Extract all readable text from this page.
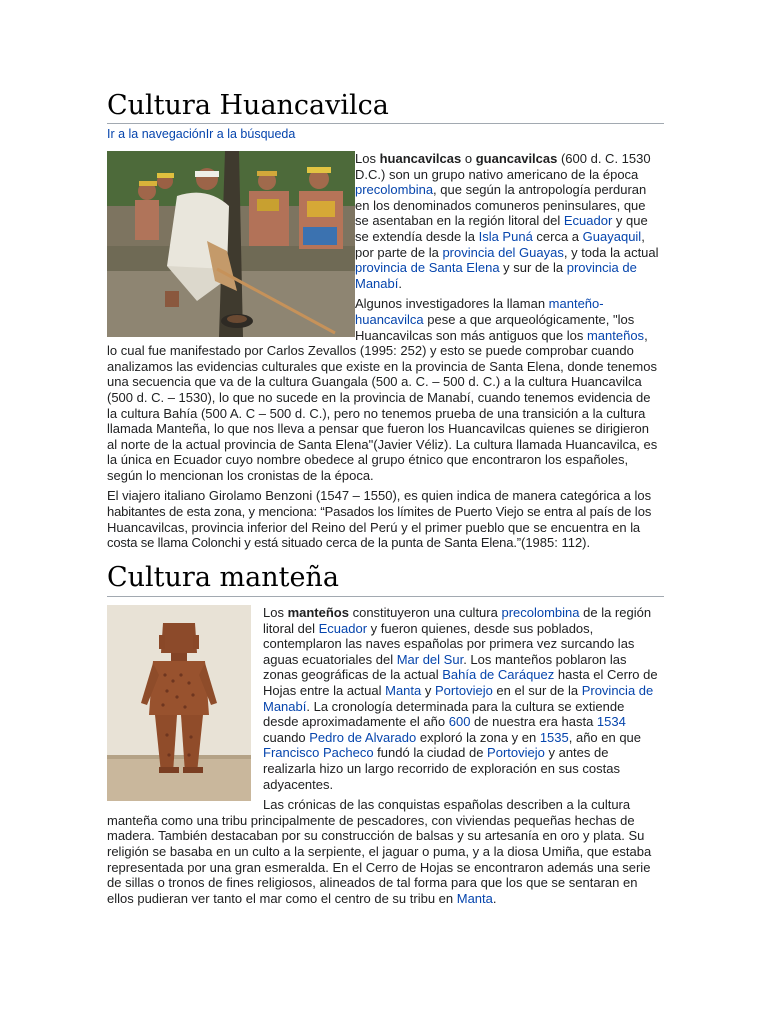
Cultura Huancavilca
Ir a la navegaciónIr a la búsqueda

Los huancavilcas o guancavilcas (600 d. C. 1530 D.C.) son un grupo nativo americano de la época precolombina, que según la antropología perduran en los denominados comuneros peninsulares, que se asentaban en la región litoral del Ecuador y que se extendía desde la Isla Puná cerca a Guayaquil, por parte de la provincia del Guayas, y toda la actual provincia de Santa Elena y sur de la provincia de Manabí.

Algunos investigadores la llaman manteño-huancavilca pese a que arqueológicamente, "los Huancavilcas son más antiguos que los manteños, lo cual fue manifestado por Carlos Zevallos (1995: 252) y esto se puede comprobar cuando analizamos las evidencias culturales que existe en la provincia de Santa Elena, donde tenemos una secuencia que va de la cultura Guangala (500 a. C. – 500 d. C.) a la cultura Huancavilca (500 d. C. – 1530), lo que no sucede en la provincia de Manabí, cuando tenemos evidencia de la cultura Bahía (500 A. C – 500 d. C.), pero no tenemos prueba de una transición a la cultura llamada Manteña, lo que nos lleva a pensar que fueron los Huancavilcas quienes se dirigieron al norte de la actual provincia de Santa Elena"(Javier Véliz). La cultura llamada Huancavilca, es la única en Ecuador cuyo nombre obedece al grupo étnico que encontraron los españoles, según lo mencionan los cronistas de la época.

El viajero italiano Girolamo Benzoni (1547 – 1550), es quien indica de manera categórica a los habitantes de esta zona, y menciona: “Pasados los límites de Puerto Viejo se entra al país de los Huancavilcas, provincia inferior del Reino del Perú y el primer pueblo que se encuentra en la costa se llama Colonchi y está situado cerca de la punta de Santa Elena.”(1985: 112).

Cultura manteña

Los manteños constituyeron una cultura precolombina de la región litoral del Ecuador y fueron quienes, desde sus poblados, contemplaron las naves españolas por primera vez surcando las aguas ecuatoriales del Mar del Sur. Los manteños poblaron las zonas geográficas de la actual Bahía de Caráquez hasta el Cerro de Hojas entre la actual Manta y Portoviejo en el sur de la Provincia de Manabí. La cronología determinada para la cultura se extiende desde aproximadamente el año 600 de nuestra era hasta 1534 cuando Pedro de Alvarado exploró la zona y en 1535, año en que Francisco Pacheco fundó la ciudad de Portoviejo y antes de realizarla hizo un largo recorrido de exploración en sus costas adyacentes.

Las crónicas de las conquistas españolas describen a la cultura manteña como una tribu principalmente de pescadores, con viviendas pequeñas hechas de madera. También destacaban por su construcción de balsas y su artesanía en oro y plata. Su religión se basaba en un culto a la serpiente, el jaguar o puma, y a la diosa Umiña, que estaba representada por una gran esmeralda. En el Cerro de Hojas se encontraron además una serie de sillas o tronos de fines religiosos, alineados de tal forma para que los que se sentaran en ellos pudieran ver tanto el mar como el centro de su tribu en Manta.
